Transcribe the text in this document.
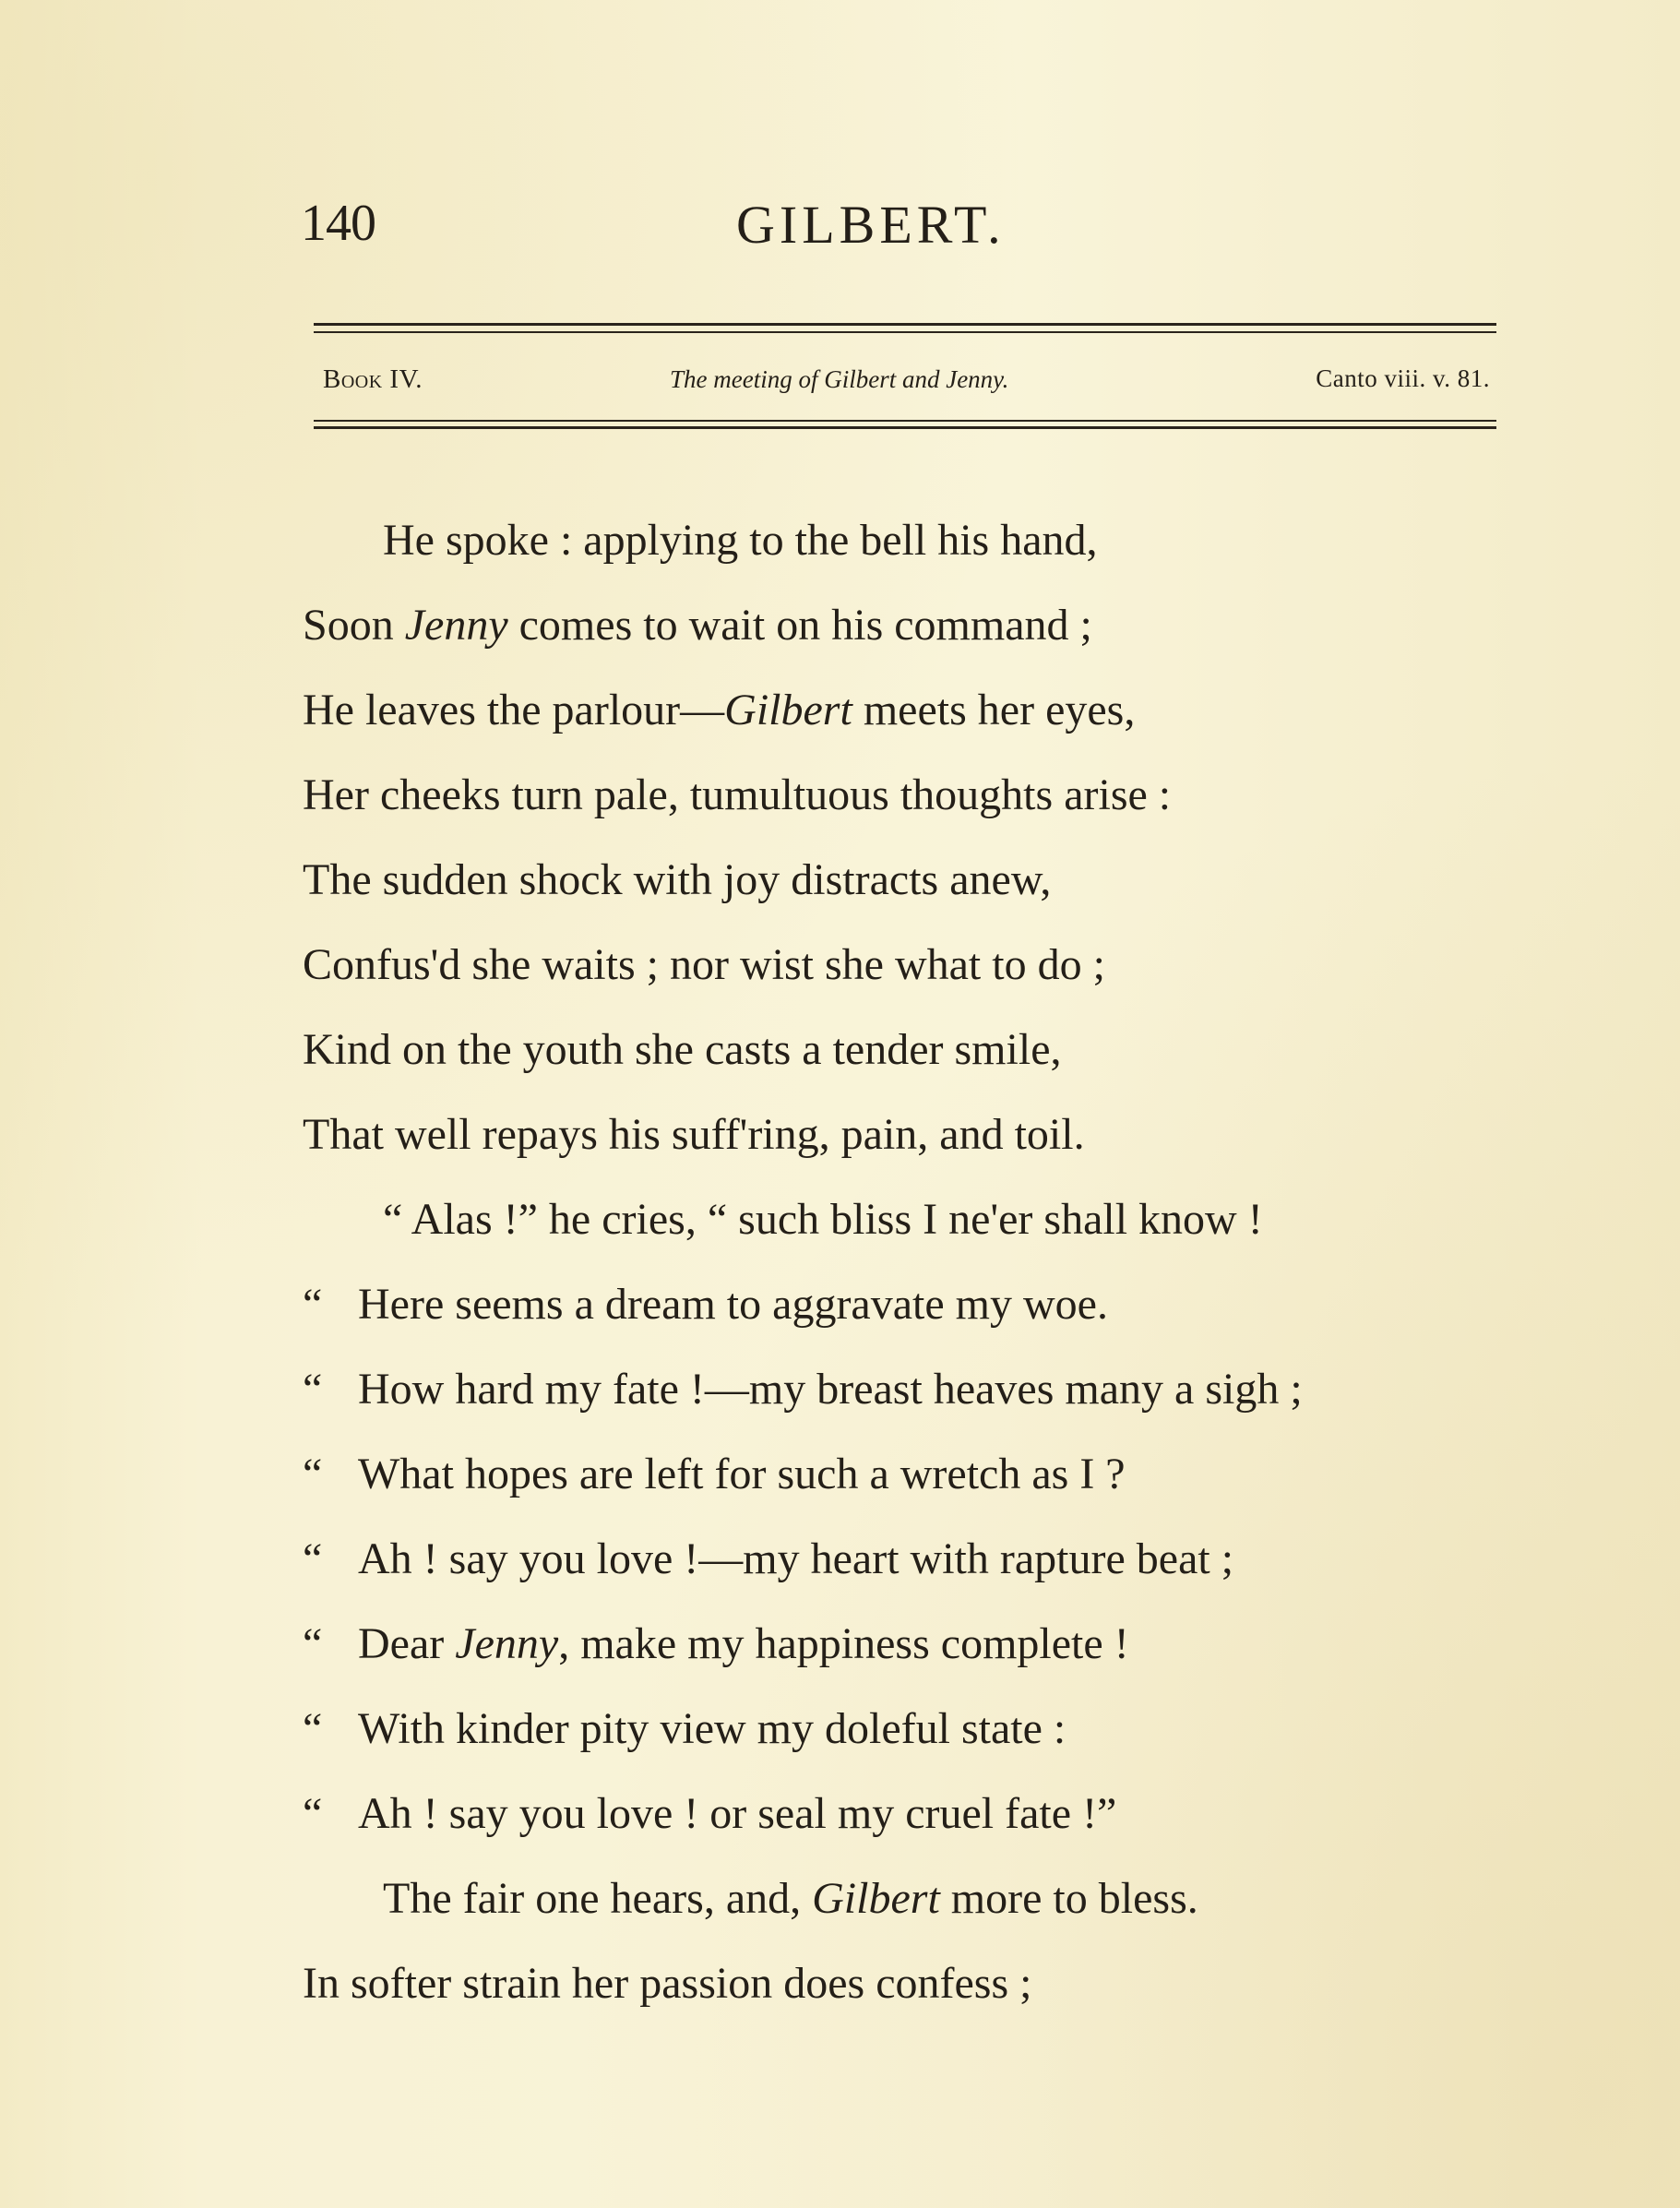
140	GILBERT.
Book IV.	The meeting of Gilbert and Jenny.	Canto viii. v. 81.
He spoke : applying to the bell his hand,
Soon Jenny comes to wait on his command ;
He leaves the parlour—Gilbert meets her eyes,
Her cheeks turn pale, tumultuous thoughts arise :
The sudden shock with joy distracts anew,
Confus'd she waits ; nor wist she what to do ;
Kind on the youth she casts a tender smile,
That well repays his suff'ring, pain, and toil.
“ Alas !” he cries, “ such bliss I ne'er shall know !
“ Here seems a dream to aggravate my woe.
“ How hard my fate !—my breast heaves many a sigh ;
“ What hopes are left for such a wretch as I ?
“ Ah ! say you love !—my heart with rapture beat ;
“ Dear Jenny, make my happiness complete !
“ With kinder pity view my doleful state :
“ Ah ! say you love ! or seal my cruel fate !”
The fair one hears, and, Gilbert more to bless.
In softer strain her passion does confess ;
